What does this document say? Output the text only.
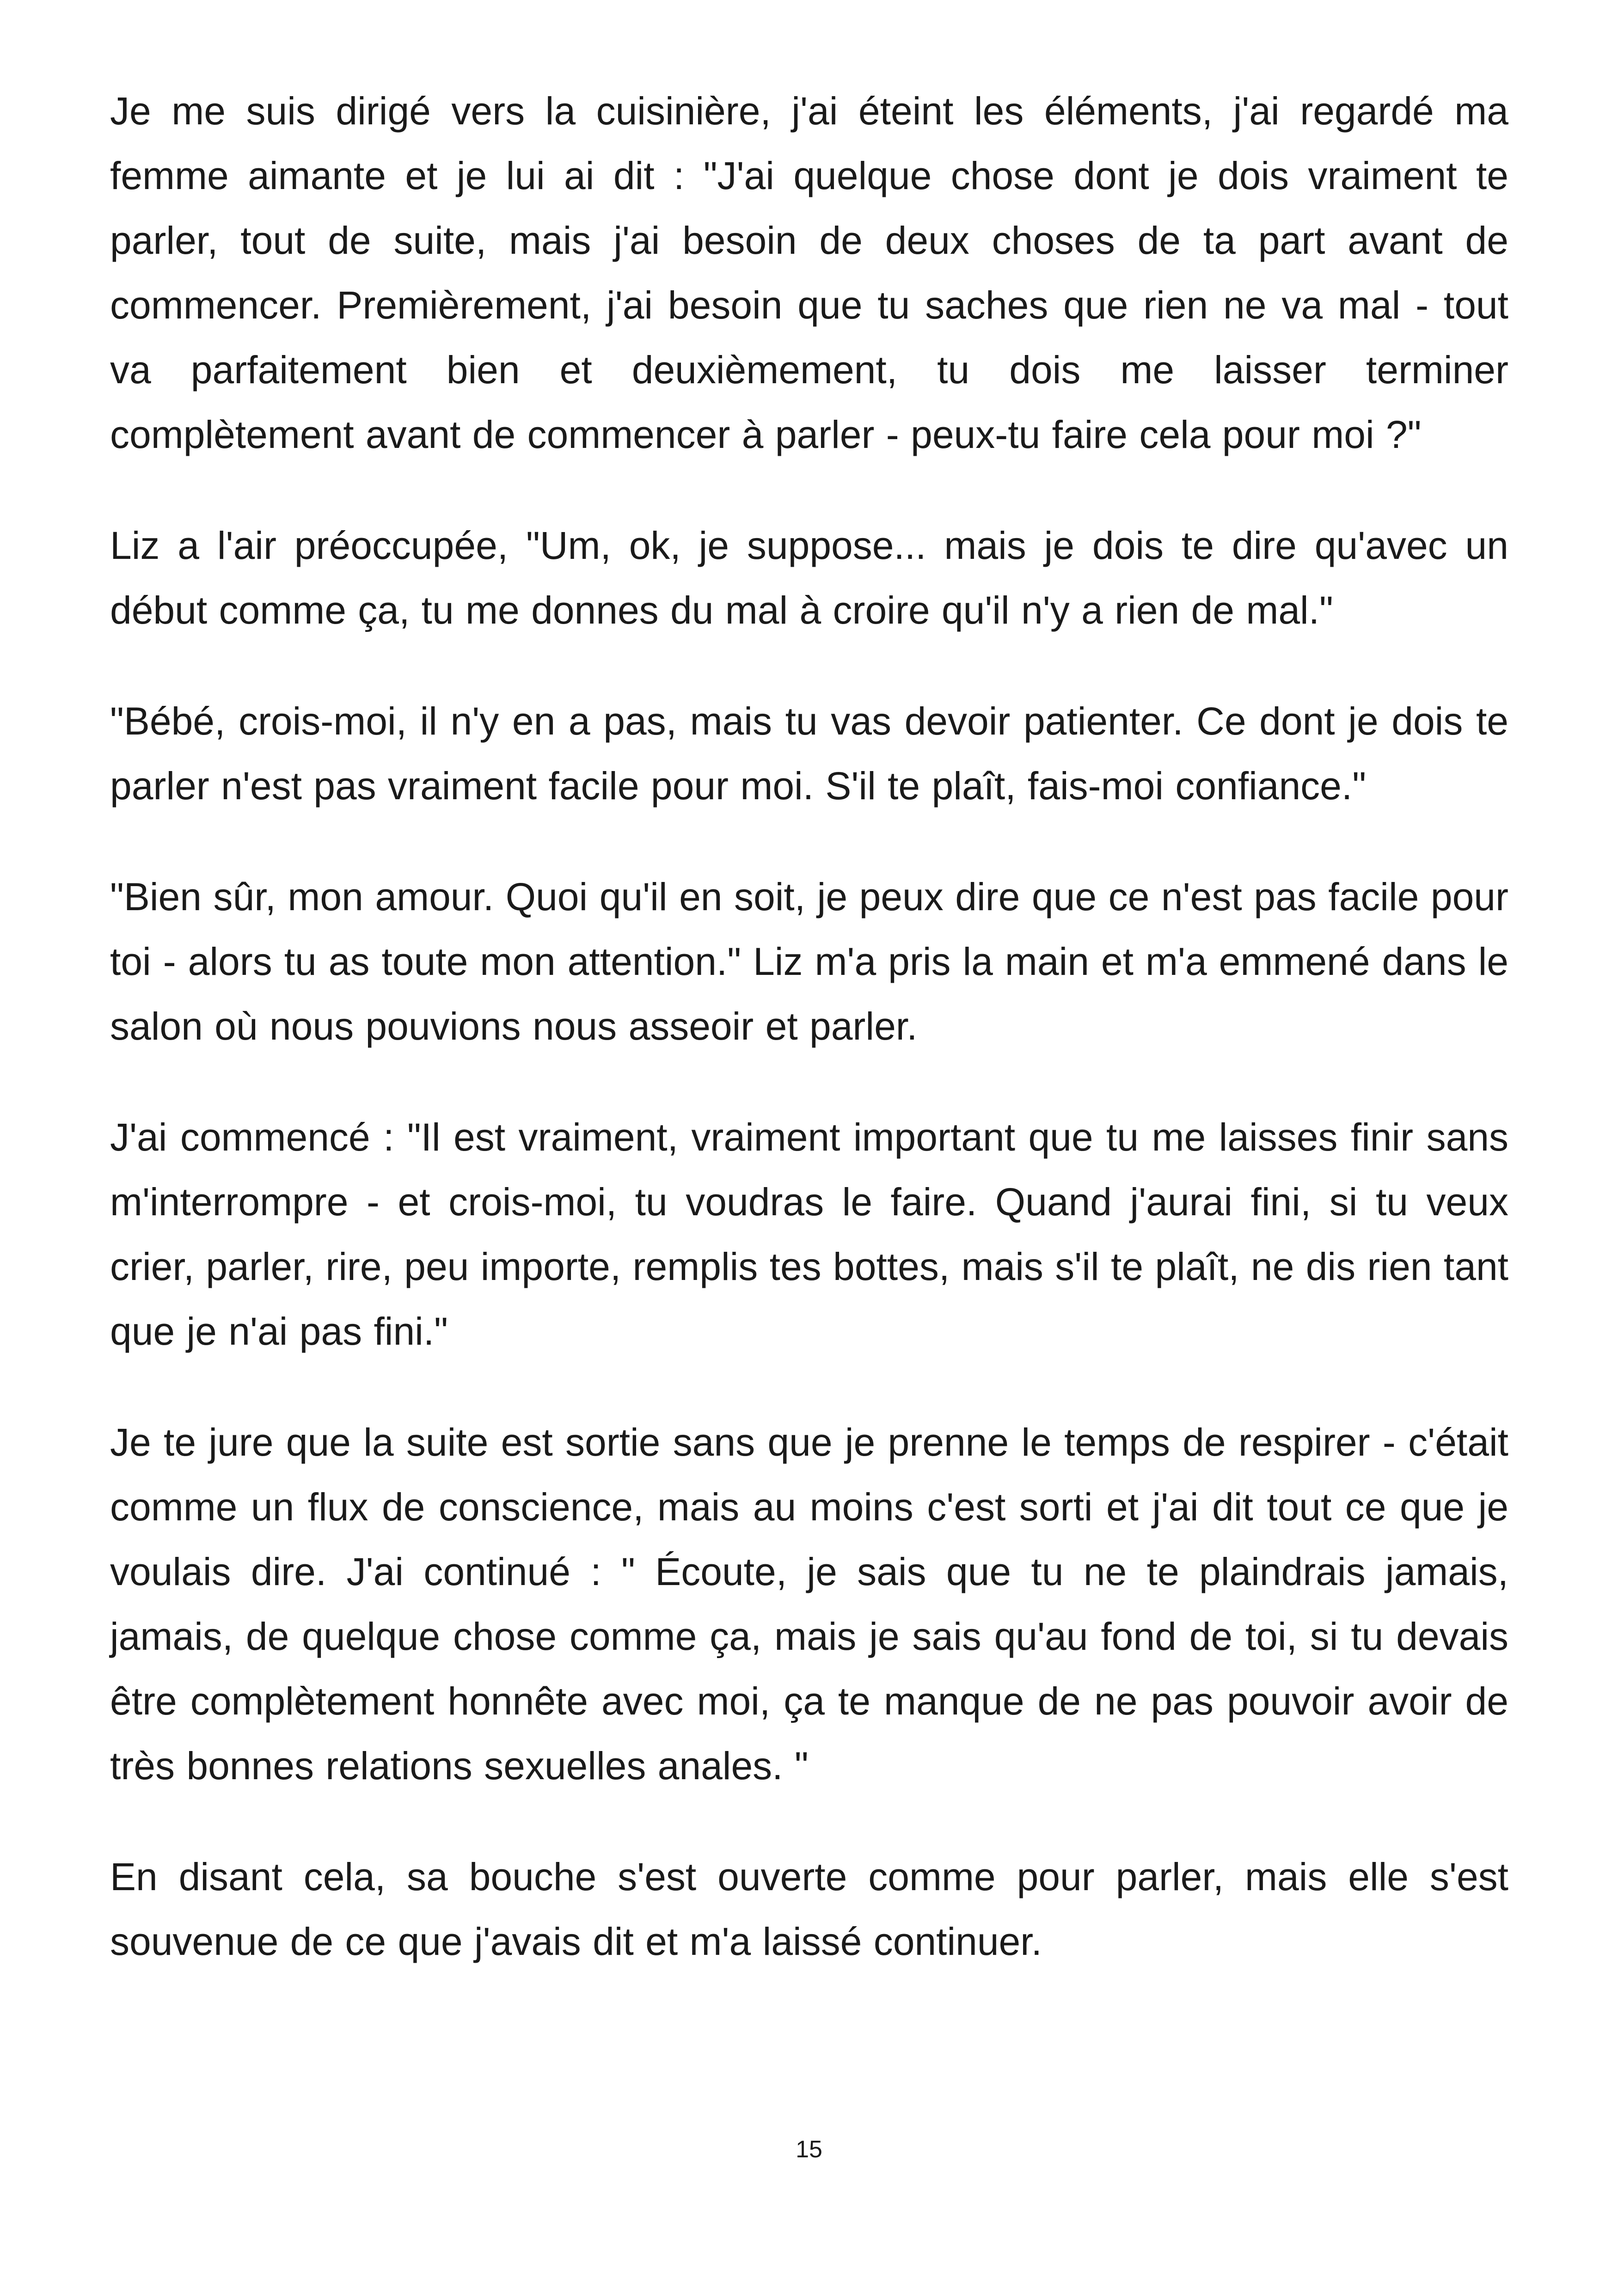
Je me suis dirigé vers la cuisinière, j'ai éteint les éléments, j'ai regardé ma femme aimante et je lui ai dit : "J'ai quelque chose dont je dois vraiment te parler, tout de suite, mais j'ai besoin de deux choses de ta part avant de commencer. Premièrement, j'ai besoin que tu saches que rien ne va mal - tout va parfaitement bien et deuxièmement, tu dois me laisser terminer complètement avant de commencer à parler - peux-tu faire cela pour moi ?"

Liz a l'air préoccupée, "Um, ok, je suppose... mais je dois te dire qu'avec un début comme ça, tu me donnes du mal à croire qu'il n'y a rien de mal."

"Bébé, crois-moi, il n'y en a pas, mais tu vas devoir patienter. Ce dont je dois te parler n'est pas vraiment facile pour moi. S'il te plaît, fais-moi confiance."

"Bien sûr, mon amour. Quoi qu'il en soit, je peux dire que ce n'est pas facile pour toi - alors tu as toute mon attention." Liz m'a pris la main et m'a emmené dans le salon où nous pouvions nous asseoir et parler.

J'ai commencé : "Il est vraiment, vraiment important que tu me laisses finir sans m'interrompre - et crois-moi, tu voudras le faire. Quand j'aurai fini, si tu veux crier, parler, rire, peu importe, remplis tes bottes, mais s'il te plaît, ne dis rien tant que je n'ai pas fini."

Je te jure que la suite est sortie sans que je prenne le temps de respirer - c'était comme un flux de conscience, mais au moins c'est sorti et j'ai dit tout ce que je voulais dire. J'ai continué : " Écoute, je sais que tu ne te plaindrais jamais, jamais, de quelque chose comme ça, mais je sais qu'au fond de toi, si tu devais être complètement honnête avec moi, ça te manque de ne pas pouvoir avoir de très bonnes relations sexuelles anales. "

En disant cela, sa bouche s'est ouverte comme pour parler, mais elle s'est souvenue de ce que j'avais dit et m'a laissé continuer.

15
